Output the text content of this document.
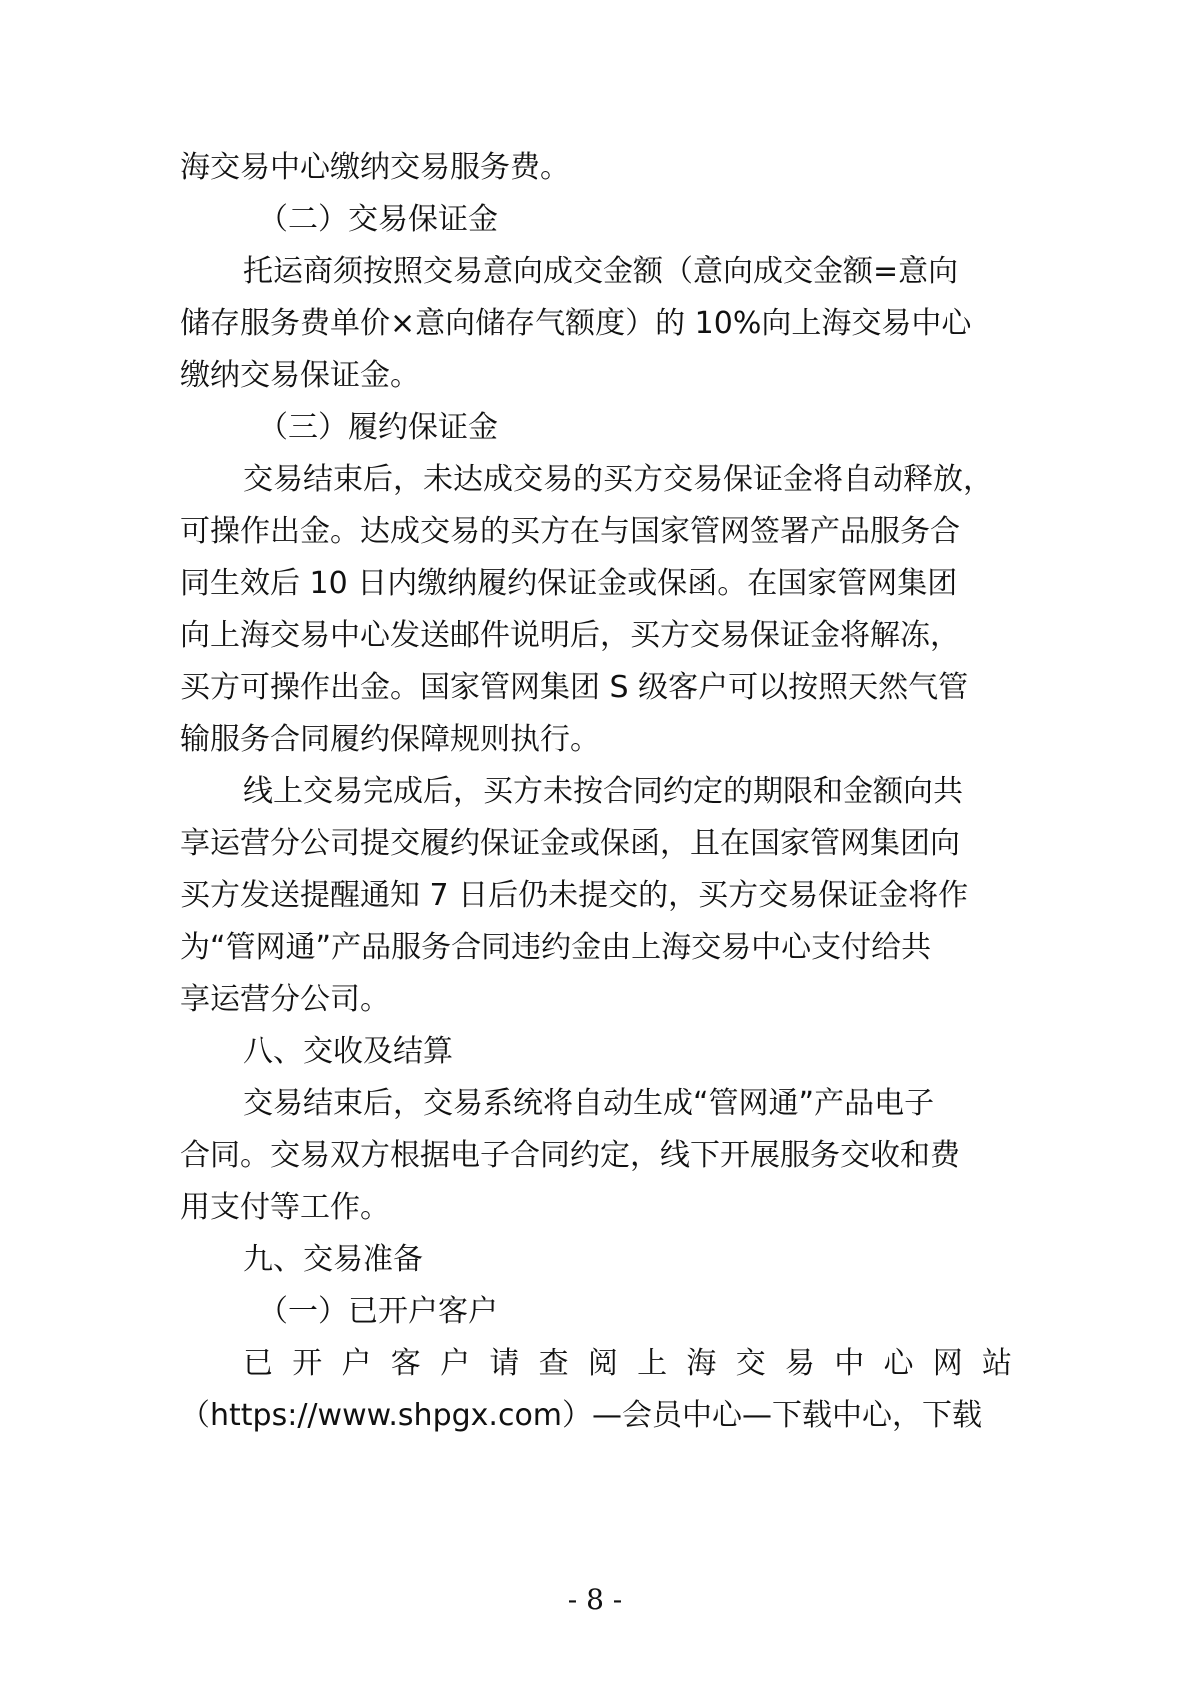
海交易中心缴纳交易服务费。
（二）交易保证金
托运商须按照交易意向成交金额（意向成交金额=意向
储存服务费单价×意向储存气额度）的 10%向上海交易中心
缴纳交易保证金。
（三）履约保证金
交易结束后，未达成交易的买方交易保证金将自动释放，
可操作出金。达成交易的买方在与国家管网签署产品服务合
同生效后 10 日内缴纳履约保证金或保函。在国家管网集团
向上海交易中心发送邮件说明后，买方交易保证金将解冻，
买方可操作出金。国家管网集团 S 级客户可以按照天然气管
输服务合同履约保障规则执行。
线上交易完成后，买方未按合同约定的期限和金额向共
享运营分公司提交履约保证金或保函，且在国家管网集团向
买方发送提醒通知 7 日后仍未提交的，买方交易保证金将作
为“管网通”产品服务合同违约金由上海交易中心支付给共
享运营分公司。
八、交收及结算
交易结束后，交易系统将自动生成“管网通”产品电子
合同。交易双方根据电子合同约定，线下开展服务交收和费
用支付等工作。
九、交易准备
（一）已开户客户
已 开 户 客 户 请 查 阅 上 海 交 易 中 心 网 站
（https://www.shpgx.com）—会员中心—下载中心，下载
- 8 -
